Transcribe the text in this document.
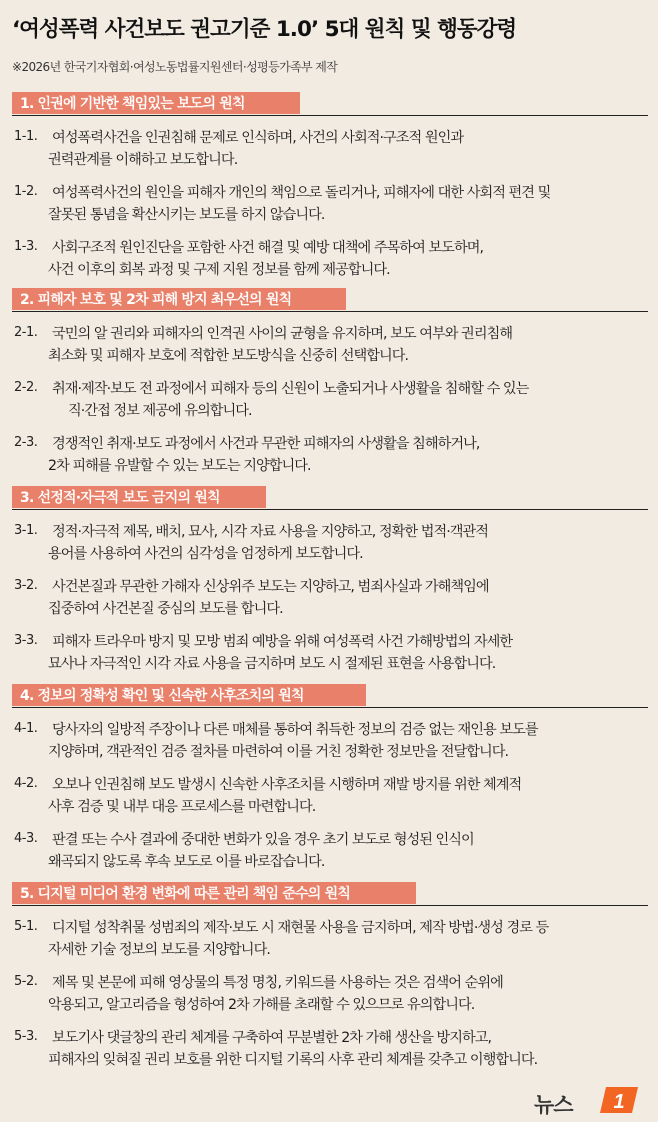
‘여성폭력 사건보도 권고기준 1.0’ 5대 원칙 및 행동강령
※2026년 한국기자협회·여성노동법률지원센터·성평등가족부 제작
1. 인권에 기반한 책임있는 보도의 원칙
1-1. 여성폭력사건을 인권침해 문제로 인식하며, 사건의 사회적·구조적 원인과
권력관계를 이해하고 보도합니다.
1-2. 여성폭력사건의 원인을 피해자 개인의 책임으로 돌리거나, 피해자에 대한 사회적 편견 및
잘못된 통념을 확산시키는 보도를 하지 않습니다.
1-3. 사회구조적 원인진단을 포함한 사건 해결 및 예방 대책에 주목하여 보도하며,
사건 이후의 회복 과정 및 구제 지원 정보를 함께 제공합니다.
2. 피해자 보호 및 2차 피해 방지 최우선의 원칙
2-1. 국민의 알 권리와 피해자의 인격권 사이의 균형을 유지하며, 보도 여부와 권리침해
최소화 및 피해자 보호에 적합한 보도방식을 신중히 선택합니다.
2-2. 취재·제작·보도 전 과정에서 피해자 등의 신원이 노출되거나 사생활을 침해할 수 있는
직·간접 정보 제공에 유의합니다.
2-3. 경쟁적인 취재·보도 과정에서 사건과 무관한 피해자의 사생활을 침해하거나,
2차 피해를 유발할 수 있는 보도는 지양합니다.
3. 선정적·자극적 보도 금지의 원칙
3-1. 정적·자극적 제목, 배치, 묘사, 시각 자료 사용을 지양하고, 정확한 법적·객관적
용어를 사용하여 사건의 심각성을 엄정하게 보도합니다.
3-2. 사건본질과 무관한 가해자 신상위주 보도는 지양하고, 범죄사실과 가해책임에
집중하여 사건본질 중심의 보도를 합니다.
3-3. 피해자 트라우마 방지 및 모방 범죄 예방을 위해 여성폭력 사건 가해방법의 자세한
묘사나 자극적인 시각 자료 사용을 금지하며 보도 시 절제된 표현을 사용합니다.
4. 정보의 정확성 확인 및 신속한 사후조치의 원칙
4-1. 당사자의 일방적 주장이나 다른 매체를 통하여 취득한 정보의 검증 없는 재인용 보도를
지양하며, 객관적인 검증 절차를 마련하여 이를 거친 정확한 정보만을 전달합니다.
4-2. 오보나 인권침해 보도 발생시 신속한 사후조치를 시행하며 재발 방지를 위한 체계적
사후 검증 및 내부 대응 프로세스를 마련합니다.
4-3. 판결 또는 수사 결과에 중대한 변화가 있을 경우 초기 보도로 형성된 인식이
왜곡되지 않도록 후속 보도로 이를 바로잡습니다.
5. 디지털 미디어 환경 변화에 따른 관리 책임 준수의 원칙
5-1. 디지털 성착취물 성범죄의 제작·보도 시 재현물 사용을 금지하며, 제작 방법·생성 경로 등
자세한 기술 정보의 보도를 지양합니다.
5-2. 제목 및 본문에 피해 영상물의 특정 명칭, 키워드를 사용하는 것은 검색어 순위에
악용되고, 알고리즘을 형성하여 2차 가해를 초래할 수 있으므로 유의합니다.
5-3. 보도기사 댓글창의 관리 체계를 구축하여 무분별한 2차 가해 생산을 방지하고,
피해자의 잊혀질 권리 보호를 위한 디지털 기록의 사후 관리 체계를 갖추고 이행합니다.
뉴스 1
